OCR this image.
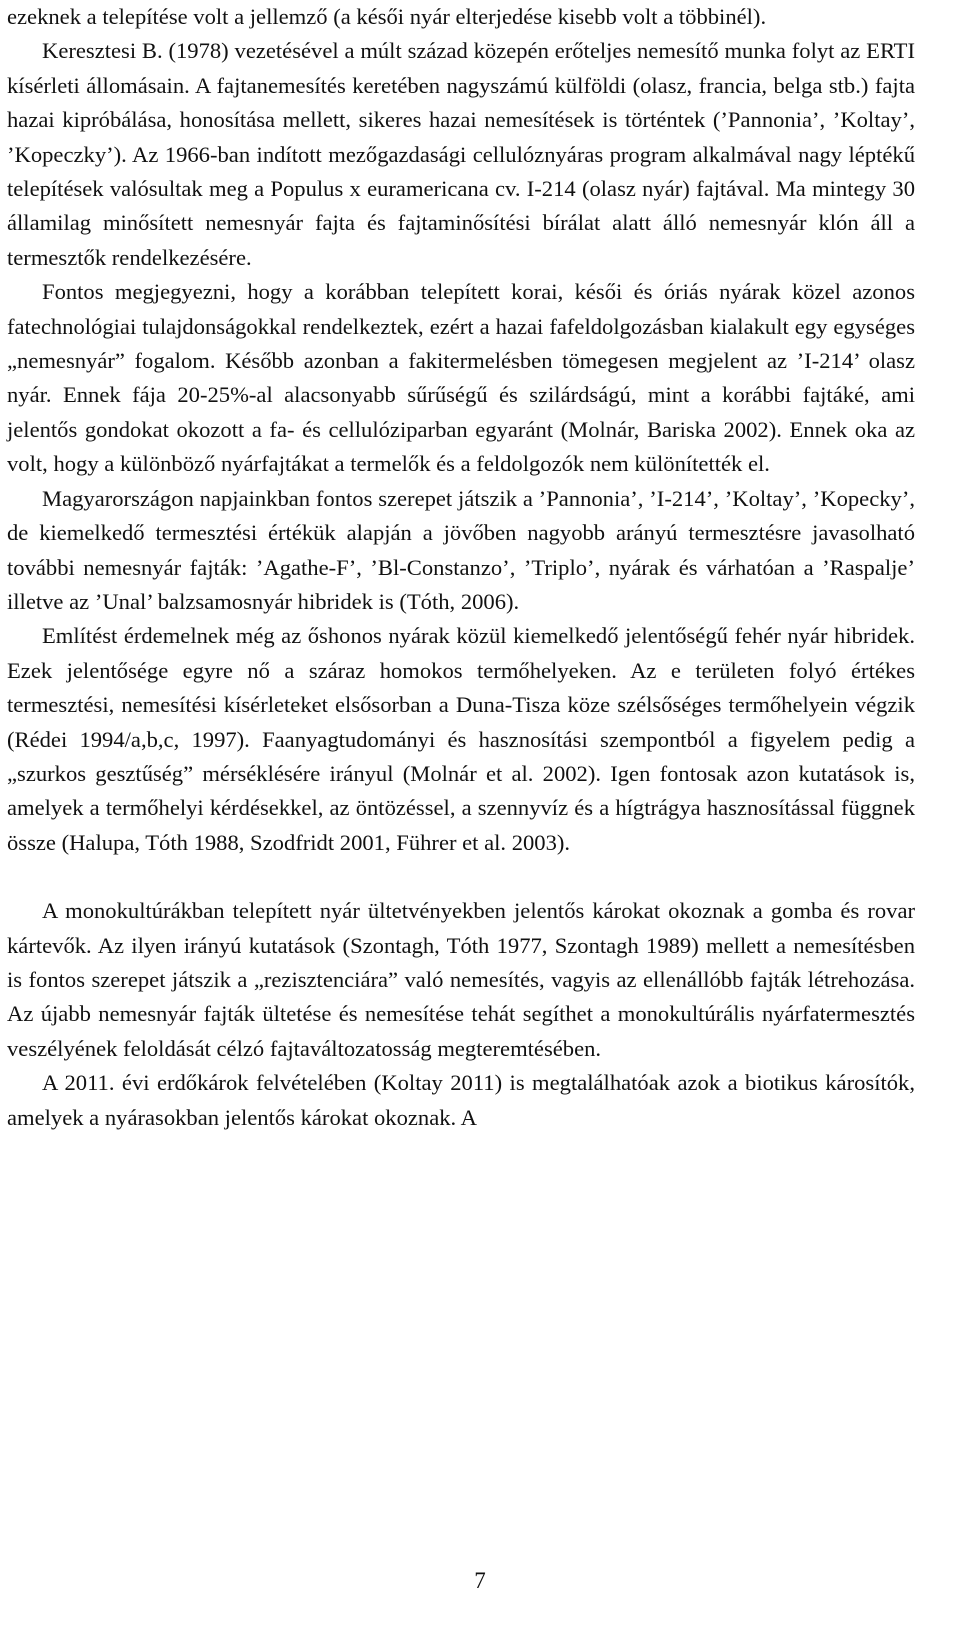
ezeknek a telepítése volt a jellemző (a késői nyár elterjedése kisebb volt a többinél).

Keresztesi B. (1978) vezetésével a múlt század közepén erőteljes nemesítő munka folyt az ERTI kísérleti állomásain. A fajtanemesítés keretében nagyszámú külföldi (olasz, francia, belga stb.) fajta hazai kipróbálása, honosítása mellett, sikeres hazai nemesítések is történtek (’Pannonia’, ’Koltay’, ’Kopeczky’). Az 1966-ban indított mezőgazdasági cellulóznyáras program alkalmával nagy léptékű telepítések valósultak meg a Populus x euramericana cv. I-214 (olasz nyár) fajtával. Ma mintegy 30 államilag minősített nemesnyár fajta és fajtaminősítési bírálat alatt álló nemesnyár klón áll a termesztők rendelkezésére.

Fontos megjegyezni, hogy a korábban telepített korai, késői és óriás nyárak közel azonos fatechnológiai tulajdonságokkal rendelkeztek, ezért a hazai fafeldolgozásban kialakult egy egységes „nemesnyár” fogalom. Később azonban a fakitermelésben tömegesen megjelent az ’I-214’ olasz nyár. Ennek fája 20-25%-al alacsonyabb sűrűségű és szilárdságú, mint a korábbi fajtáké, ami jelentős gondokat okozott a fa- és cellulóziparban egyaránt (Molnár, Bariska 2002). Ennek oka az volt, hogy a különböző nyárfajtákat a termelők és a feldolgozók nem különítették el.

Magyarországon napjainkban fontos szerepet játszik a ’Pannonia’, ’I-214’, ’Koltay’, ’Kopecky’, de kiemelkedő termesztési értékük alapján a jövőben nagyobb arányú termesztésre javasolható további nemesnyár fajták: ’Agathe-F’, ’Bl-Constanzo’, ’Triplo’, nyárak és várhatóan a ’Raspalje’ illetve az ’Unal’ balzsamosnyár hibridek is (Tóth, 2006).

Említést érdemelnek még az őshonos nyárak közül kiemelkedő jelentőségű fehér nyár hibridek. Ezek jelentősége egyre nő a száraz homokos termőhelyeken. Az e területen folyó értékes termesztési, nemesítési kísérleteket elsősorban a Duna-Tisza köze szélsőséges termőhelyein végzik (Rédei 1994/a,b,c, 1997). Faanyagtudományi és hasznosítási szempontból a figyelem pedig a „szurkos gesztűség” mérséklésére irányul (Molnár et al. 2002). Igen fontosak azon kutatások is, amelyek a termőhelyi kérdésekkel, az öntözéssel, a szennyvíz és a hígtrágya hasznosítással függnek össze (Halupa, Tóth 1988, Szodfridt 2001, Führer et al. 2003).

A monokultúrákban telepített nyár ültetvényekben jelentős károkat okoznak a gomba és rovar kártevők. Az ilyen irányú kutatások (Szontagh, Tóth 1977, Szontagh 1989) mellett a nemesítésben is fontos szerepet játszik a „rezisztenciára” való nemesítés, vagyis az ellenállóbb fajták létrehozása. Az újabb nemesnyár fajták ültetése és nemesítése tehát segíthet a monokultúrális nyárfatermesztés veszélyének feloldását célzó fajtaváltozatosság megteremtésében.

A 2011. évi erdőkárok felvételében (Koltay 2011) is megtalálhatóak azok a biotikus károsítók, amelyek a nyárasokban jelentős károkat okoznak. A

7
